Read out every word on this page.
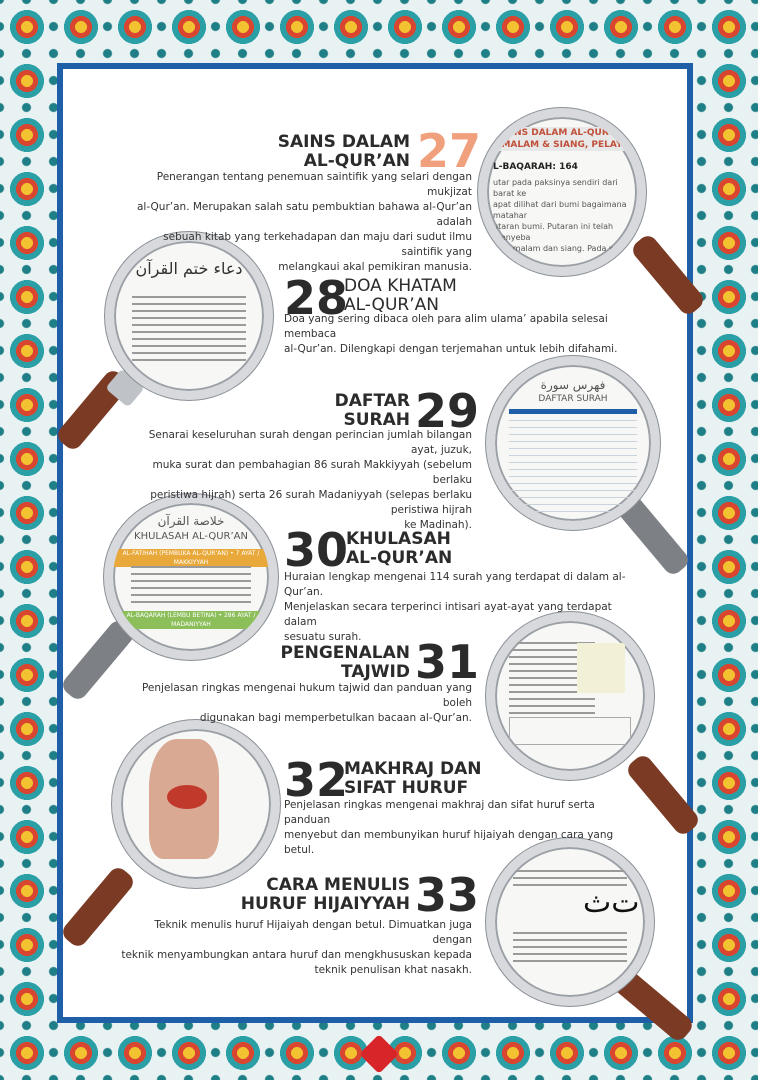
SAINS DALAM AL-QUR’AN MALAM & SIANG, PELAY
L-BAQARAH: 164
utar pada paksinya sendiri dari barat ke
apat dilihat dari bumi bagaimana matahar
utaran bumi. Putaran ini telah menyeba
lhan malam dan siang. Pada waktu ma
Pergerakan bintang
دعاء ختم القرآن
فهرس سورة
DAFTAR SURAH
خلاصة القرآن
KHULASAH AL-QUR’AN
AL-FATIHAH (PEMBUKA AL-QUR’AN) • 7 AYAT / MAKKIYYAH
AL-BAQARAH (LEMBU BETINA) • 286 AYAT / MADANIYYAH
ﺕﺙ
SAINS DALAM
AL-QUR’AN 27
Penerangan tentang penemuan saintifik yang selari dengan mukjizat
al-Qur’an. Merupakan salah satu pembuktian bahawa al-Qur’an adalah
sebuah kitab yang terkehadapan dan maju dari sudut ilmu saintifik yang
melangkaui akal pemikiran manusia.
28
DOA KHATAM
AL-QUR’AN
Doa yang sering dibaca oleh para alim ulama’ apabila selesai membaca
al-Qur’an. Dilengkapi dengan terjemahan untuk lebih difahami.
DAFTAR
SURAH 29
Senarai keseluruhan surah dengan perincian jumlah bilangan ayat, juzuk,
muka surat dan pembahagian 86 surah Makkiyyah (sebelum berlaku
peristiwa hijrah) serta 26 surah Madaniyyah (selepas berlaku peristiwa hijrah
ke Madinah).
30
KHULASAH
AL-QUR’AN
Huraian lengkap mengenai 114 surah yang terdapat di dalam al-Qur’an.
Menjelaskan secara terperinci intisari ayat-ayat yang terdapat dalam
sesuatu surah.
PENGENALAN
TAJWID 31
Penjelasan ringkas mengenai hukum tajwid dan panduan yang boleh
digunakan bagi memperbetulkan bacaan al-Qur’an.
32
MAKHRAJ DAN
SIFAT HURUF
Penjelasan ringkas mengenai makhraj dan sifat huruf serta panduan
menyebut dan membunyikan huruf hijaiyah dengan cara yang betul.
CARA MENULIS
HURUF HIJAIYYAH 33
Teknik menulis huruf Hijaiyah dengan betul. Dimuatkan juga dengan
teknik menyambungkan antara huruf dan mengkhususkan kepada
teknik penulisan khat nasakh.
